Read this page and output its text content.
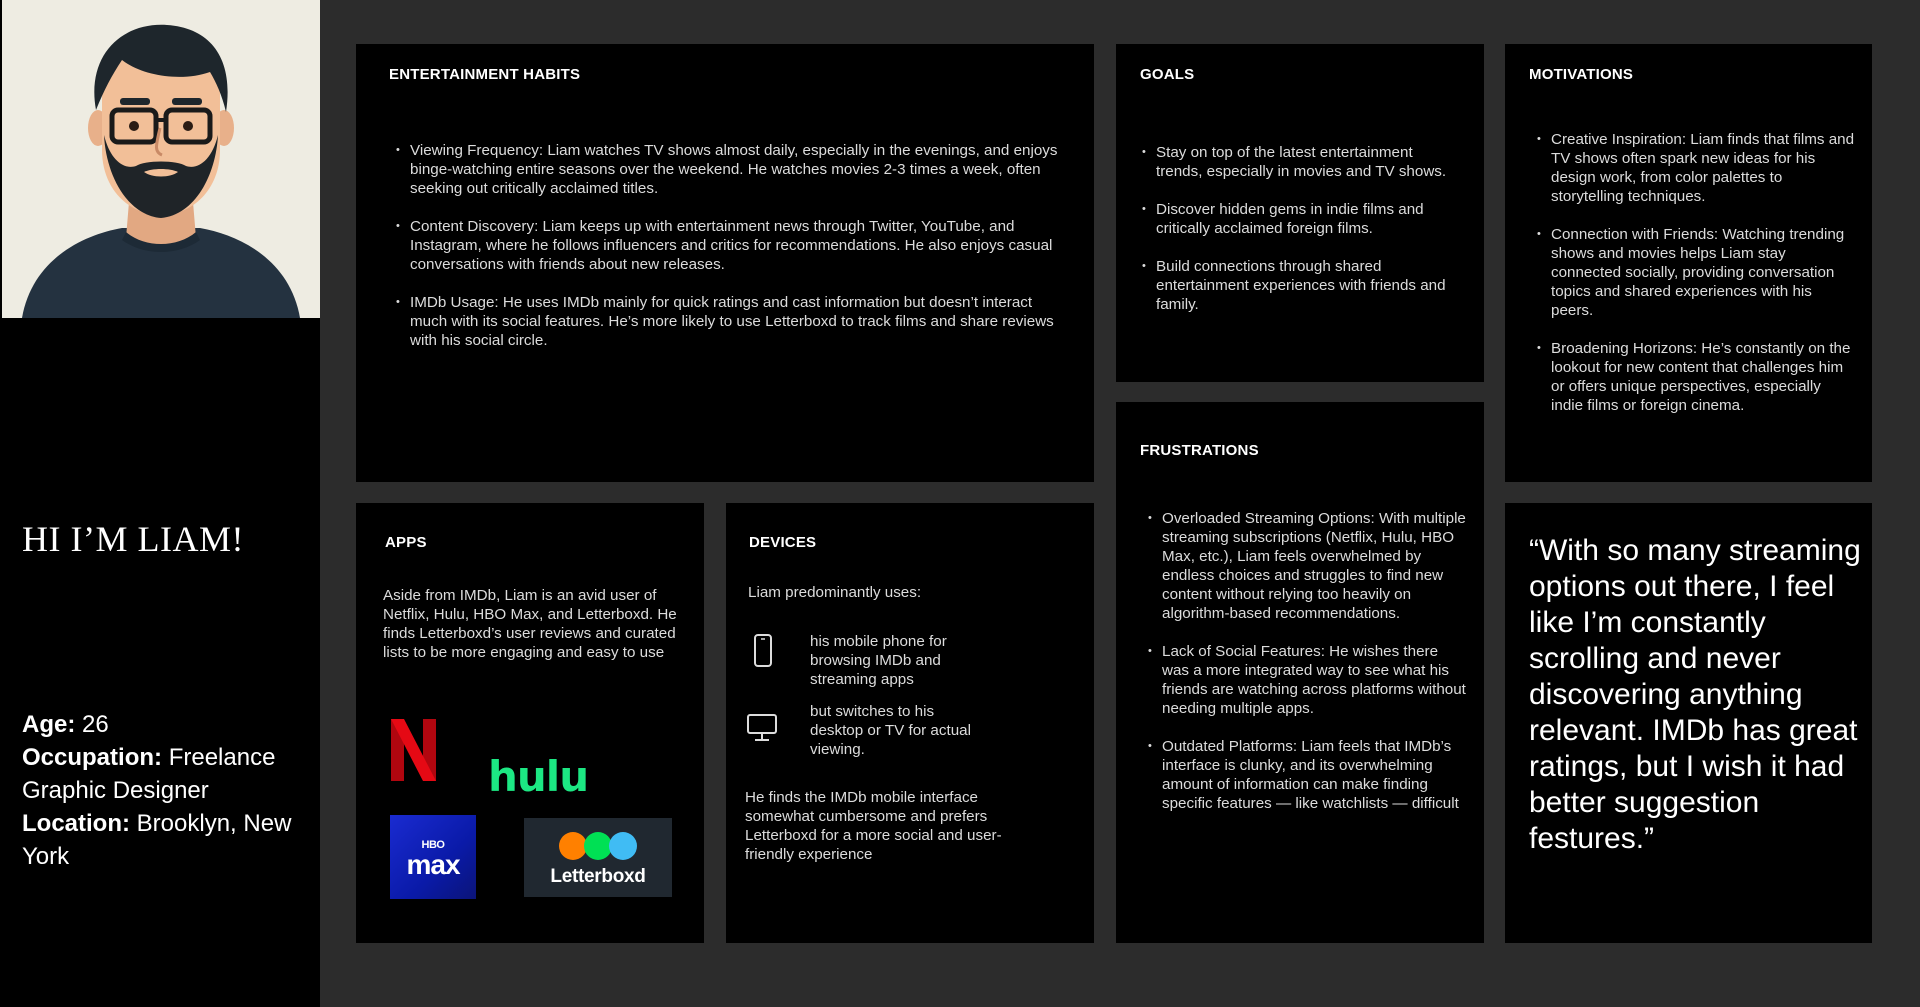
HI I’M LIAM!
Age: 26
Occupation: Freelance Graphic Designer
Location: Brooklyn, New York
ENTERTAINMENT HABITS
• Viewing Frequency: Liam watches TV shows almost daily, especially in the evenings, and enjoys binge-watching entire seasons over the weekend. He watches movies 2-3 times a week, often seeking out critically acclaimed titles.
• Content Discovery: Liam keeps up with entertainment news through Twitter, YouTube, and Instagram, where he follows influencers and critics for recommendations. He also enjoys casual conversations with friends about new releases.
• IMDb Usage: He uses IMDb mainly for quick ratings and cast information but doesn’t interact much with its social features. He’s more likely to use Letterboxd to track films and share reviews with his social circle.
GOALS
• Stay on top of the latest entertainment trends, especially in movies and TV shows.
• Discover hidden gems in indie films and critically acclaimed foreign films.
• Build connections through shared entertainment experiences with friends and family.
MOTIVATIONS
• Creative Inspiration: Liam finds that films and TV shows often spark new ideas for his design work, from color palettes to storytelling techniques.
• Connection with Friends: Watching trending shows and movies helps Liam stay connected socially, providing conversation topics and shared experiences with his peers.
• Broadening Horizons: He’s constantly on the lookout for new content that challenges him or offers unique perspectives, especially indie films or foreign cinema.
FRUSTRATIONS
• Overloaded Streaming Options: With multiple streaming subscriptions (Netflix, Hulu, HBO Max, etc.), Liam feels overwhelmed by endless choices and struggles to find new content without relying too heavily on algorithm-based recommendations.
• Lack of Social Features: He wishes there was a more integrated way to see what his friends are watching across platforms without needing multiple apps.
• Outdated Platforms: Liam feels that IMDb’s interface is clunky, and its overwhelming amount of information can make finding specific features — like watchlists — difficult
APPS
Aside from IMDb, Liam is an avid user of Netflix, Hulu, HBO Max, and Letterboxd. He finds Letterboxd’s user reviews and curated lists to be more engaging and easy to use
hulu
HBO
max	Letterboxd
DEVICES
Liam predominantly uses:
his mobile phone for browsing IMDb and streaming apps
but switches to his desktop or TV for actual viewing.
He finds the IMDb mobile interface somewhat cumbersome and prefers Letterboxd for a more social and user-friendly experience
“With so many streaming options out there, I feel like I’m constantly scrolling and never discovering anything relevant. IMDb has great ratings, but I wish it had better suggestion festures.”
